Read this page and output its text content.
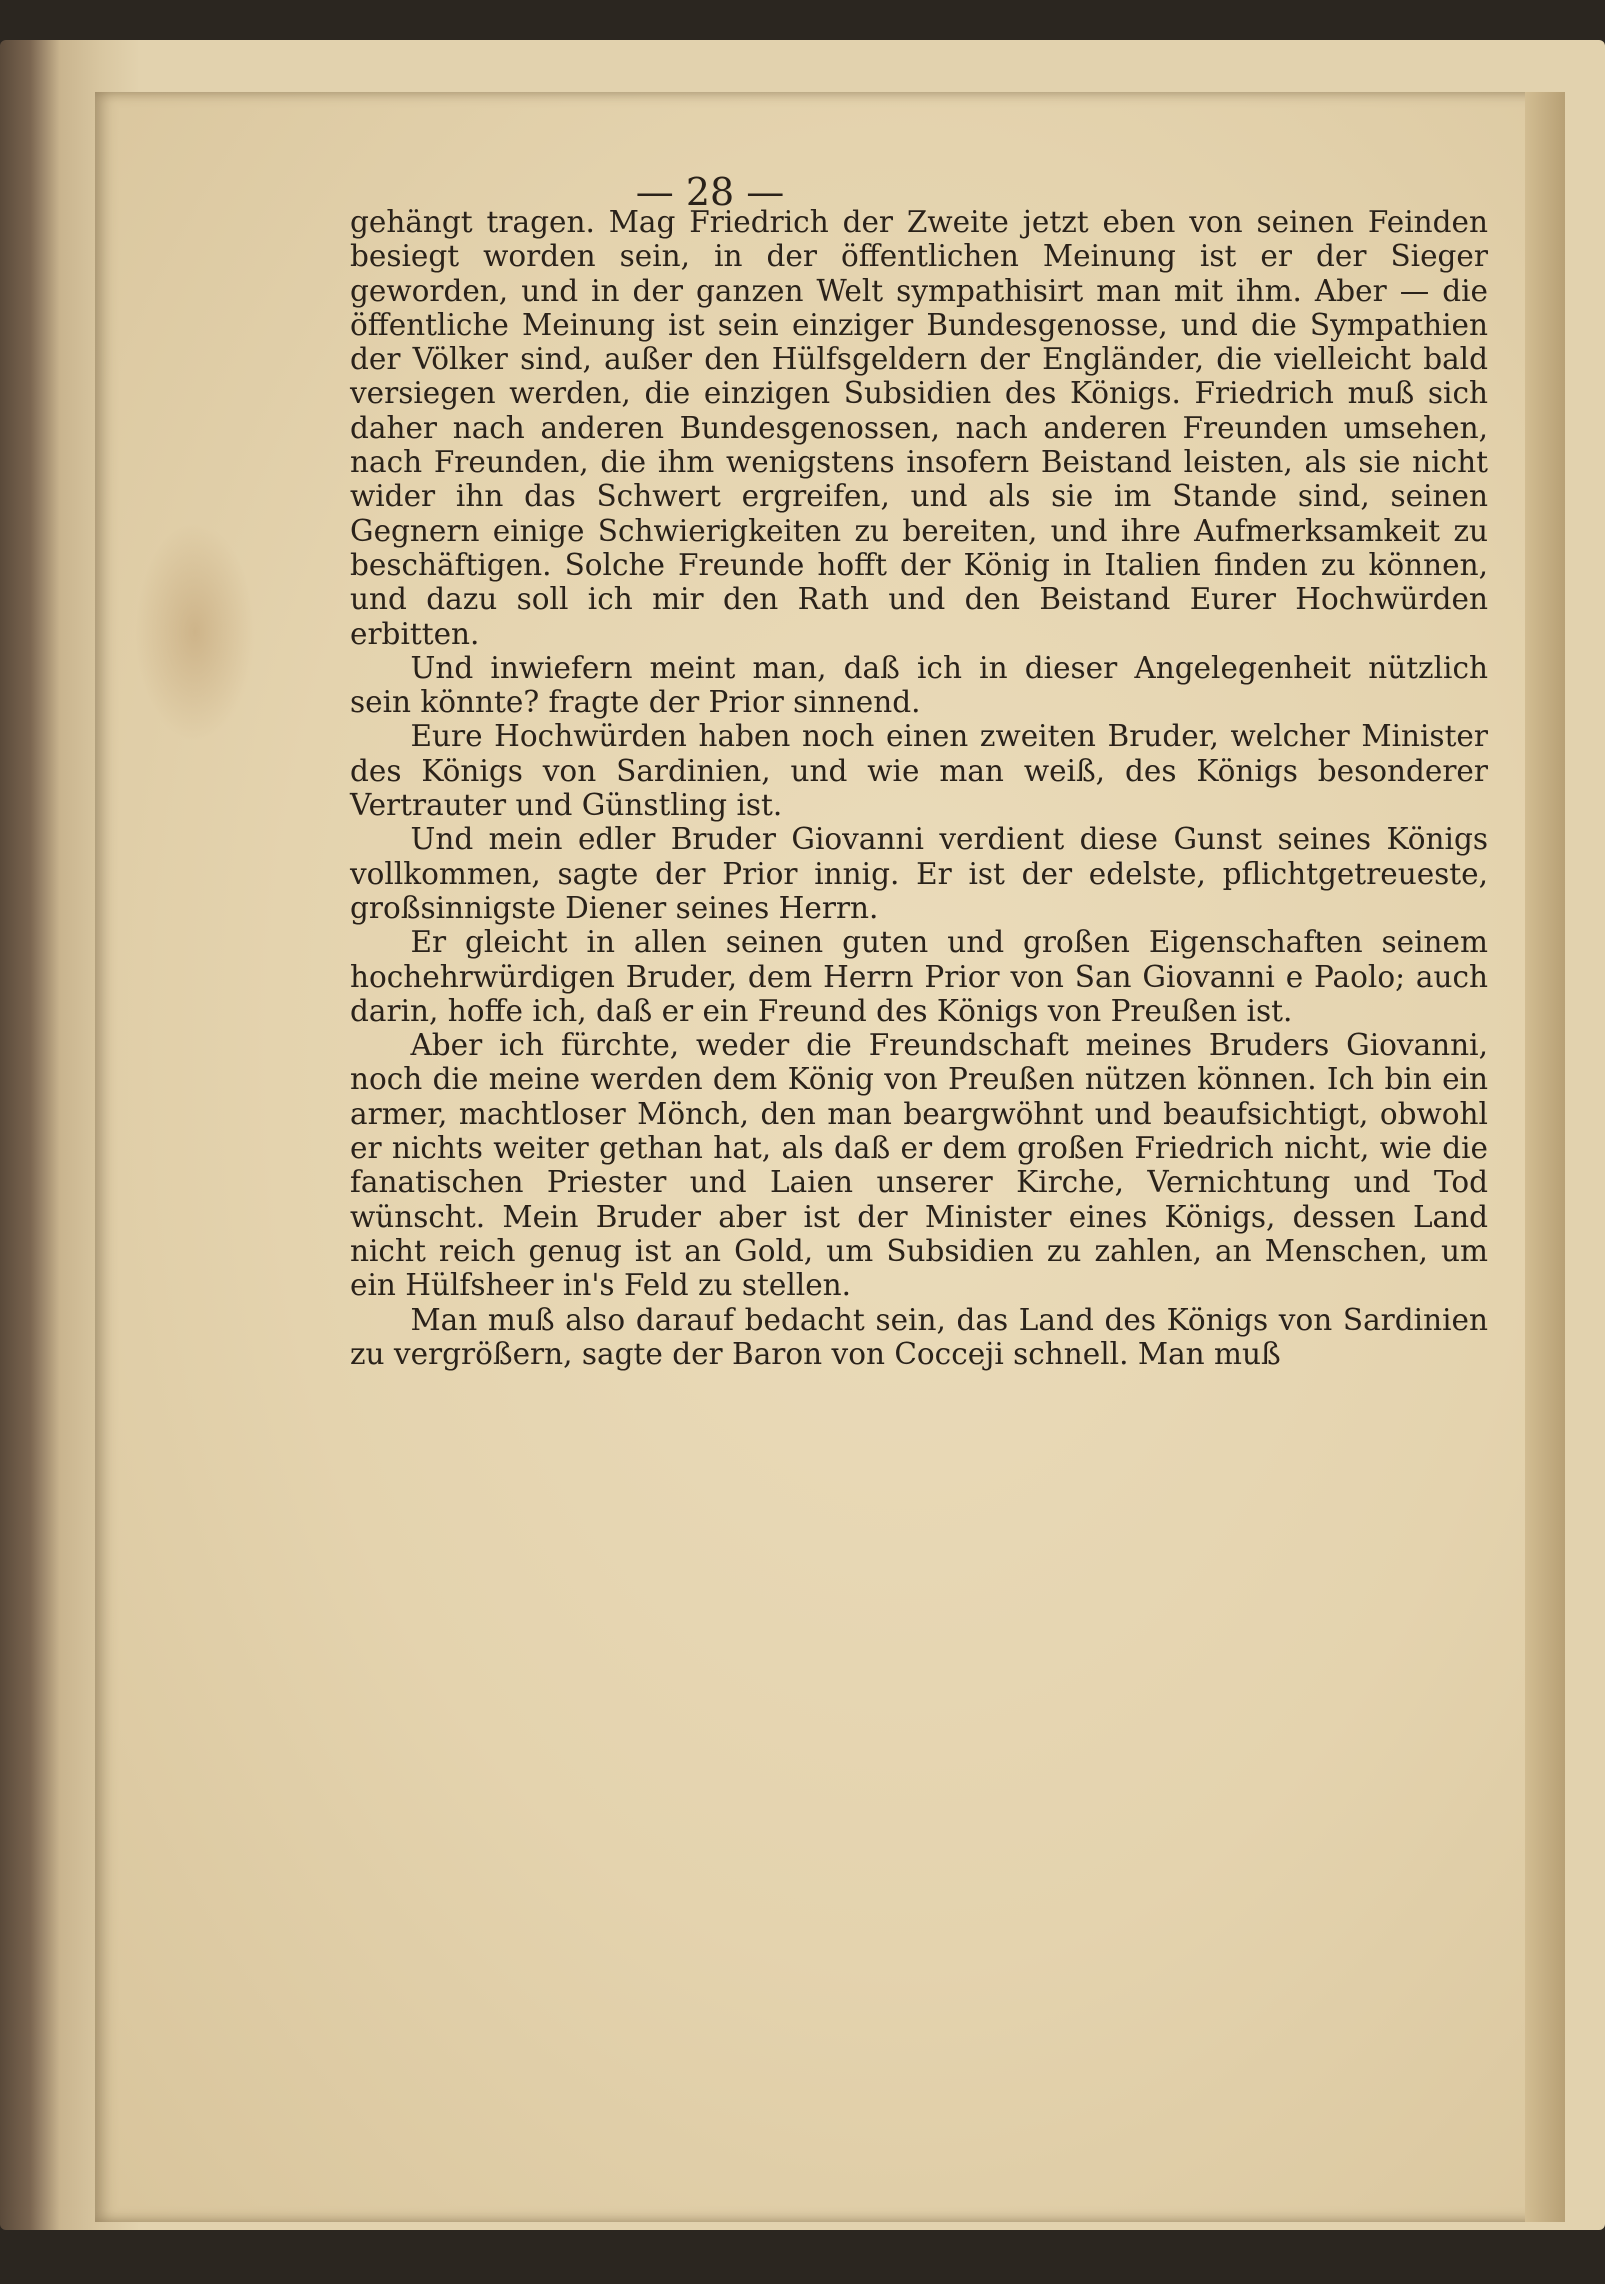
— 28 —

gehängt tragen. Mag Friedrich der Zweite jetzt eben von seinen Feinden besiegt worden sein, in der öffentlichen Meinung ist er der Sieger geworden, und in der ganzen Welt sympathisirt man mit ihm. Aber — die öffentliche Meinung ist sein einziger Bundesgenosse, und die Sympathien der Völker sind, außer den Hülfsgeldern der Engländer, die vielleicht bald versiegen werden, die einzigen Subsidien des Königs. Friedrich muß sich daher nach anderen Bundesgenossen, nach anderen Freunden umsehen, nach Freunden, die ihm wenigstens insofern Beistand leisten, als sie nicht wider ihn das Schwert ergreifen, und als sie im Stande sind, seinen Gegnern einige Schwierigkeiten zu bereiten, und ihre Aufmerksamkeit zu beschäftigen. Solche Freunde hofft der König in Italien finden zu können, und dazu soll ich mir den Rath und den Beistand Eurer Hochwürden erbitten.

Und inwiefern meint man, daß ich in dieser Angelegenheit nützlich sein könnte? fragte der Prior sinnend.

Eure Hochwürden haben noch einen zweiten Bruder, welcher Minister des Königs von Sardinien, und wie man weiß, des Königs besonderer Vertrauter und Günstling ist.

Und mein edler Bruder Giovanni verdient diese Gunst seines Königs vollkommen, sagte der Prior innig. Er ist der edelste, pflichtgetreueste, großsinnigste Diener seines Herrn.

Er gleicht in allen seinen guten und großen Eigenschaften seinem hochehrwürdigen Bruder, dem Herrn Prior von San Giovanni e Paolo; auch darin, hoffe ich, daß er ein Freund des Königs von Preußen ist.

Aber ich fürchte, weder die Freundschaft meines Bruders Giovanni, noch die meine werden dem König von Preußen nützen können. Ich bin ein armer, machtloser Mönch, den man beargwöhnt und beaufsichtigt, obwohl er nichts weiter gethan hat, als daß er dem großen Friedrich nicht, wie die fanatischen Priester und Laien unserer Kirche, Vernichtung und Tod wünscht. Mein Bruder aber ist der Minister eines Königs, dessen Land nicht reich genug ist an Gold, um Subsidien zu zahlen, an Menschen, um ein Hülfsheer in's Feld zu stellen.

Man muß also darauf bedacht sein, das Land des Königs von Sardinien zu vergrößern, sagte der Baron von Cocceji schnell. Man muß
